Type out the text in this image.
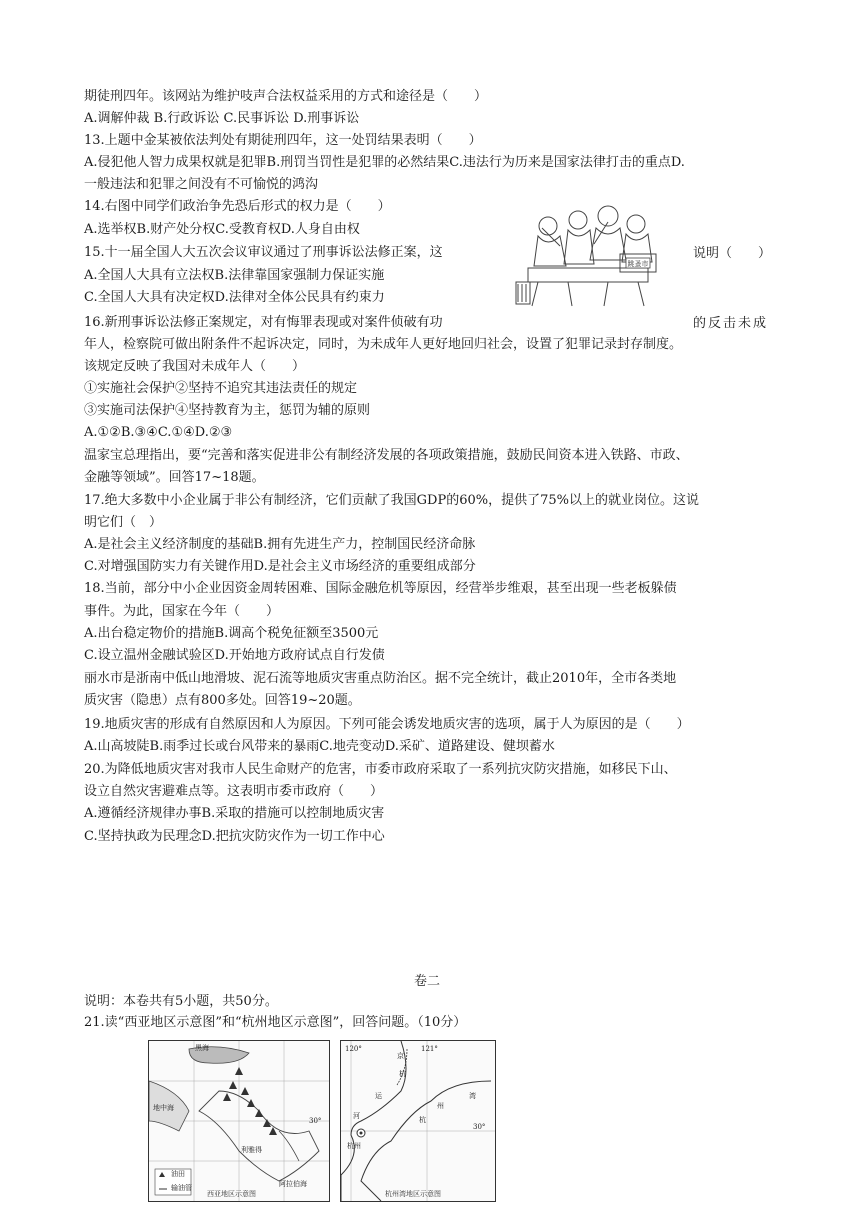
期徒刑四年。该网站为维护吱声合法权益采用的方式和途径是（　　）
A.调解仲裁 B.行政诉讼 C.民事诉讼 D.刑事诉讼
13.上题中金某被依法判处有期徒刑四年，这一处罚结果表明（　　）
A.侵犯他人智力成果权就是犯罪B.刑罚当罚性是犯罪的必然结果C.违法行为历来是国家法律打击的重点D.
一般违法和犯罪之间没有不可愉悦的鸿沟
14.右图中同学们政治争先恐后形式的权力是（　　）
A.选举权B.财产处分权C.受教育权D.人身自由权
15.十一届全国人大五次会议审议通过了刑事诉讼法修正案，这
A.全国人大具有立法权B.法律靠国家强制力保证实施
C.全国人大具有决定权D.法律对全体公民具有约束力
16.新刑事诉讼法修正案规定，对有悔罪表现或对案件侦破有功
该规定反映了我国对未成年人（　　）
①实施社会保护②坚持不追究其违法责任的规定
③实施司法保护④坚持教育为主，惩罚为辅的原则
A.①②B.③④C.①④D.②③
温家宝总理指出，要“完善和落实促进非公有制经济发展的各项政策措施，鼓励民间资本进入铁路、市政、
金融等领域”。回答17~18题。
17.绝大多数中小企业属于非公有制经济，它们贡献了我国GDP的60%，提供了75%以上的就业岗位。这说
明它们（　）
A.是社会主义经济制度的基础B.拥有先进生产力，控制国民经济命脉
C.对增强国防实力有关键作用D.是社会主义市场经济的重要组成部分
18.当前，部分中小企业因资金周转困难、国际金融危机等原因，经营举步维艰，甚至出现一些老板躲债
事件。为此，国家在今年（　　）
A.出台稳定物价的措施B.调高个税免征额至3500元
C.设立温州金融试验区D.开始地方政府试点自行发债
丽水市是浙南中低山地滑坡、泥石流等地质灾害重点防治区。据不完全统计，截止2010年，全市各类地
质灾害（隐患）点有800多处。回答19~20题。
19.地质灾害的形成有自然原因和人为原因。下列可能会诱发地质灾害的选项，属于人为原因的是（　　）
A.山高坡陡B.雨季过长或台风带来的暴雨C.地壳变动D.采矿、道路建设、健坝蓄水
20.为降低地质灾害对我市人民生命财产的危害，市委市政府采取了一系列抗灾防灾措施，如移民下山、
设立自然灾害避难点等。这表明市委市政府（　　）
A.遵循经济规律办事B.采取的措施可以控制地质灾害
C.坚持执政为民理念D.把抗灾防灾作为一切工作中心
说明（　　）
的反击未成
年人，检察院可做出附条件不起诉决定，同时，为未成年人更好地回归社会，设置了犯罪记录封存制度。
跳蚤市
卷二
说明：本卷共有5小题，共50分。
21.读“西亚地区示意图”和“杭州地区示意图”，回答问题。（10分）
黑海
地中海
30°
利雅得
油田
输油管	阿拉伯海
西亚地区示意图
120°	121°
30°
州
湾
杭
京
杭
运
河
杭州
杭州湾地区示意图
